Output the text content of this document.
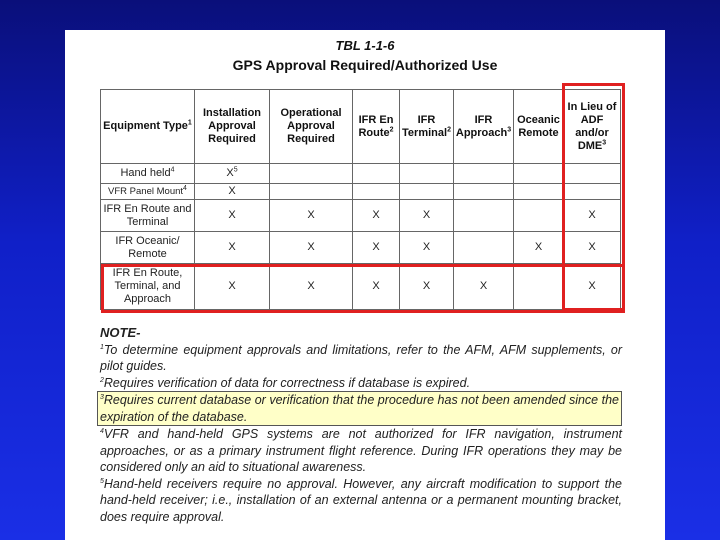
TBL 1-1-6
GPS Approval Required/Authorized Use
Equipment Type$^1$	Installation Approval Required	Operational Approval Required	IFR En Route$^2$	IFR Terminal$^2$	IFR Approach$^3$	Oceanic Remote	In Lieu of ADF and/or DME$^3$
Hand held$^4$	$X^5$						
VFR Panel Mount$^4$	X						
IFR En Route and Terminal	X	X	X	X			X
IFR Oceanic/ Remote	X	X	X	X		X	X
IFR En Route, Terminal, and Approach	X	X	X	X	X		X
NOTE-
$^1$To determine equipment approvals and limitations, refer to the AFM, AFM supplements, or pilot guides.
$^2$Requires verification of data for correctness if database is expired.
$^3$Requires current database or verification that the procedure has not been amended since the expiration of the database.
$^4$VFR and hand-held GPS systems are not authorized for IFR navigation, instrument approaches, or as a primary instrument flight reference. During IFR operations they may be considered only an aid to situational awareness.
$^5$Hand-held receivers require no approval. However, any aircraft modification to support the hand-held receiver; i.e., installation of an external antenna or a permanent mounting bracket, does require approval.
